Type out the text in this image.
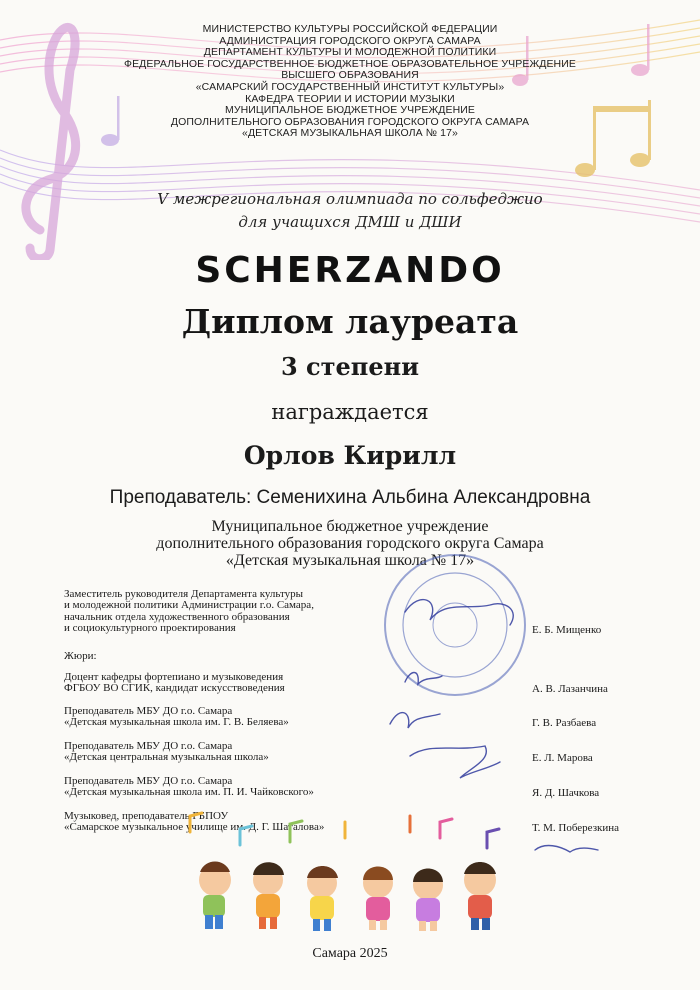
МИНИСТЕРСТВО КУЛЬТУРЫ РОССИЙСКОЙ ФЕДЕРАЦИИ
АДМИНИСТРАЦИЯ ГОРОДСКОГО ОКРУГА САМАРА
ДЕПАРТАМЕНТ КУЛЬТУРЫ И МОЛОДЕЖНОЙ ПОЛИТИКИ
ФЕДЕРАЛЬНОЕ ГОСУДАРСТВЕННОЕ БЮДЖЕТНОЕ ОБРАЗОВАТЕЛЬНОЕ УЧРЕЖДЕНИЕ
ВЫСШЕГО ОБРАЗОВАНИЯ
«САМАРСКИЙ ГОСУДАРСТВЕННЫЙ ИНСТИТУТ КУЛЬТУРЫ»
КАФЕДРА ТЕОРИИ И ИСТОРИИ МУЗЫКИ
МУНИЦИПАЛЬНОЕ БЮДЖЕТНОЕ УЧРЕЖДЕНИЕ
ДОПОЛНИТЕЛЬНОГО ОБРАЗОВАНИЯ ГОРОДСКОГО ОКРУГА САМАРА
«ДЕТСКАЯ МУЗЫКАЛЬНАЯ ШКОЛА № 17»
V межрегиональная олимпиада по сольфеджио
для учащихся ДМШ и ДШИ
SCHERZANDO
Диплом лауреата
3 степени
награждается
Орлов Кирилл
Преподаватель: Семенихина Альбина Александровна
Муниципальное бюджетное учреждение
дополнительного образования городского округа Самара
«Детская музыкальная школа № 17»
Заместитель руководителя Департамента культуры
и молодежной политики Администрации г.о. Самара,
начальник отдела художественного образования
и социокультурного проектирования	Е. Б. Мищенко
Жюри:
Доцент кафедры фортепиано и музыковедения
ФГБОУ ВО СГИК, кандидат искусствоведения	А. В. Лазанчина
Преподаватель МБУ ДО г.о. Самара
«Детская музыкальная школа им. Г. В. Беляева»	Г. В. Разбаева
Преподаватель МБУ ДО г.о. Самара
«Детская центральная музыкальная школа»	Е. Л. Марова
Преподаватель МБУ ДО г.о. Самара
«Детская музыкальная школа им. П. И. Чайковского»	Я. Д. Шачкова
Музыковед, преподаватель ГБПОУ
«Самарское музыкальное училище им. Д. Г. Шаталова»	Т. М. Поберезкина
Самара 2025
